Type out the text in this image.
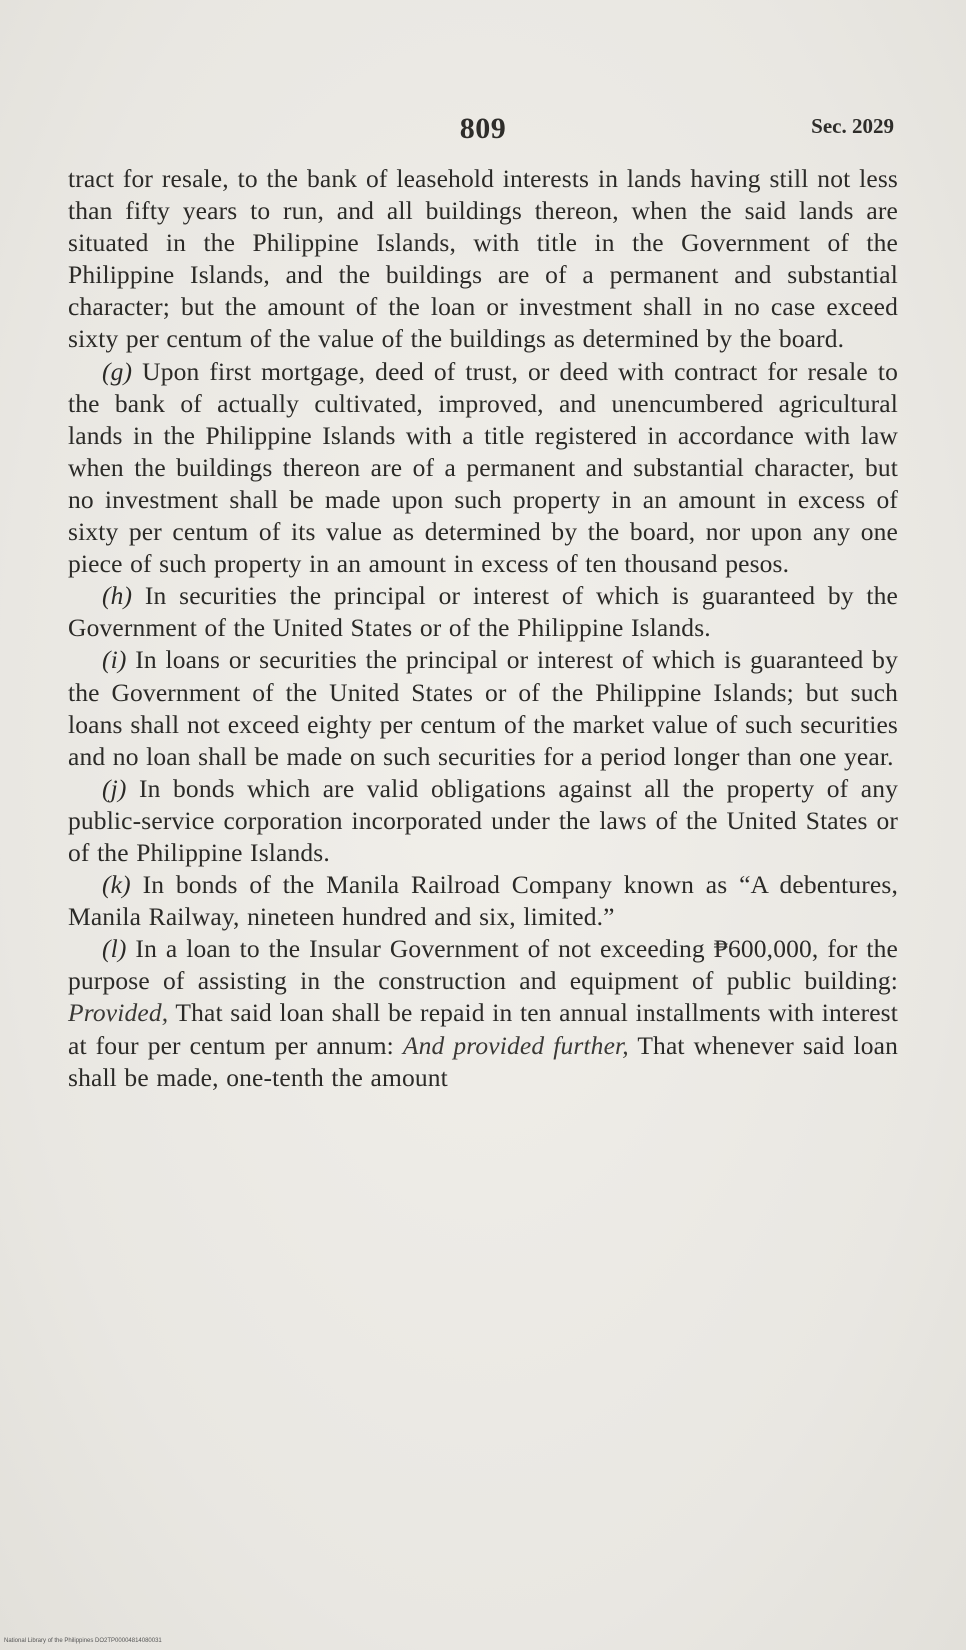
809	Sec. 2029

tract for resale, to the bank of leasehold interests in lands having still not less than fifty years to run, and all buildings thereon, when the said lands are situated in the Philippine Islands, with title in the Government of the Philippine Islands, and the buildings are of a permanent and substantial character; but the amount of the loan or investment shall in no case exceed sixty per centum of the value of the buildings as determined by the board.

(g) Upon first mortgage, deed of trust, or deed with contract for resale to the bank of actually cultivated, improved, and unencumbered agricultural lands in the Philippine Islands with a title registered in accordance with law when the buildings thereon are of a permanent and substantial character, but no investment shall be made upon such property in an amount in excess of sixty per centum of its value as determined by the board, nor upon any one piece of such property in an amount in excess of ten thousand pesos.

(h) In securities the principal or interest of which is guaranteed by the Government of the United States or of the Philippine Islands.

(i) In loans or securities the principal or interest of which is guaranteed by the Government of the United States or of the Philippine Islands; but such loans shall not exceed eighty per centum of the market value of such securities and no loan shall be made on such securities for a period longer than one year.

(j) In bonds which are valid obligations against all the property of any public-service corporation incorporated under the laws of the United States or of the Philippine Islands.

(k) In bonds of the Manila Railroad Company known as “A debentures, Manila Railway, nineteen hundred and six, limited.”

(l) In a loan to the Insular Government of not exceeding ₱600,000, for the purpose of assisting in the construction and equipment of public building: Provided, That said loan shall be repaid in ten annual installments with interest at four per centum per annum: And provided further, That whenever said loan shall be made, one-tenth the amount

National Library of the Philippines DO2TP00004814080031
